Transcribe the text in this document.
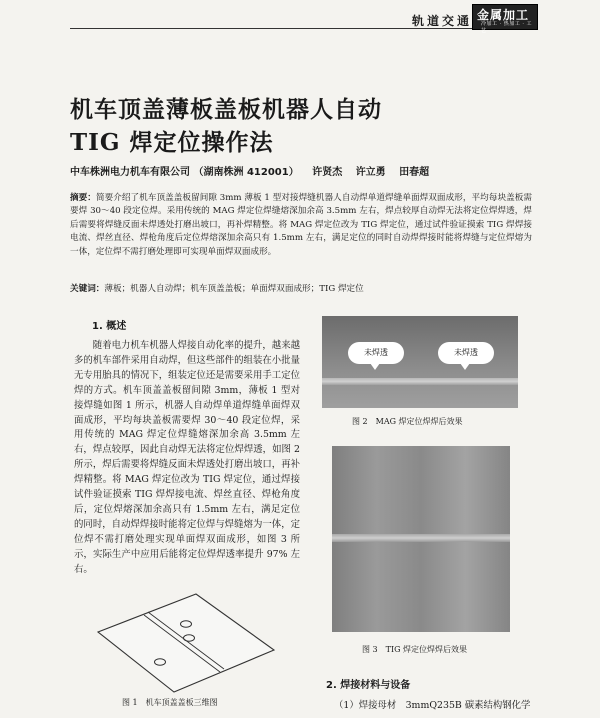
轨道交通 金属加工
冷加工 · 热加工 · 工艺
机车顶盖薄板盖板机器人自动
TIG 焊定位操作法
中车株洲电力机车有限公司 （湖南株洲 412001） 许贤杰 许立勇 田春超
摘要：简要介绍了机车顶盖盖板留间隙 3mm 薄板 1 型对接焊缝机器人自动焊单道焊缝单面焊双面成形，平均每块盖板需要焊 30～40 段定位焊。采用传统的 MAG 焊定位焊缝熔深加余高 3.5mm 左右，焊点较厚自动焊无法将定位焊焊透，焊后需要将焊缝反面未焊透处打磨出坡口，再补焊精整。将 MAG 焊定位改为 TIG 焊定位，通过试件验证摸索 TIG 焊焊接电流、焊丝直径、焊枪角度后定位焊熔深加余高只有 1.5mm 左右，满足定位的同时自动焊焊接时能将焊缝与定位焊熔为一体，定位焊不需打磨处理即可实现单面焊双面成形。
关键词：薄板；机器人自动焊；机车顶盖盖板；单面焊双面成形；TIG 焊定位
1. 概述
随着电力机车机器人焊接自动化率的提升，越来越多的机车部件采用自动焊，但这些部件的组装在小批量无专用胎具的情况下，组装定位还是需要采用手工定位焊的方式。机车顶盖盖板留间隙 3mm，薄板 1 型对接焊缝如图 1 所示，机器人自动焊单道焊缝单面焊双面成形，平均每块盖板需要焊 30～40 段定位焊，采用传统的 MAG 焊定位焊缝熔深加余高 3.5mm 左右，焊点较厚，因此自动焊无法将定位焊焊透，如图 2 所示，焊后需要将焊缝反面未焊透处打磨出坡口，再补焊精整。将 MAG 焊定位改为 TIG 焊定位，通过焊接试件验证摸索 TIG 焊焊接电流、焊丝直径、焊枪角度后，定位焊熔深加余高只有 1.5mm 左右，满足定位的同时，自动焊焊接时能将定位焊与焊缝熔为一体，定位焊不需打磨处理实现单面焊双面成形，如图 3 所示，实际生产中应用后能将定位焊焊透率提升 97% 左右。
图 1　机车顶盖盖板三维图
未焊透	未焊透
图 2　MAG 焊定位焊焊后效果
图 3　TIG 焊定位焊焊后效果
2. 焊接材料与设备
（1）焊接母材　3mmQ235B 碳素结构钢化学
